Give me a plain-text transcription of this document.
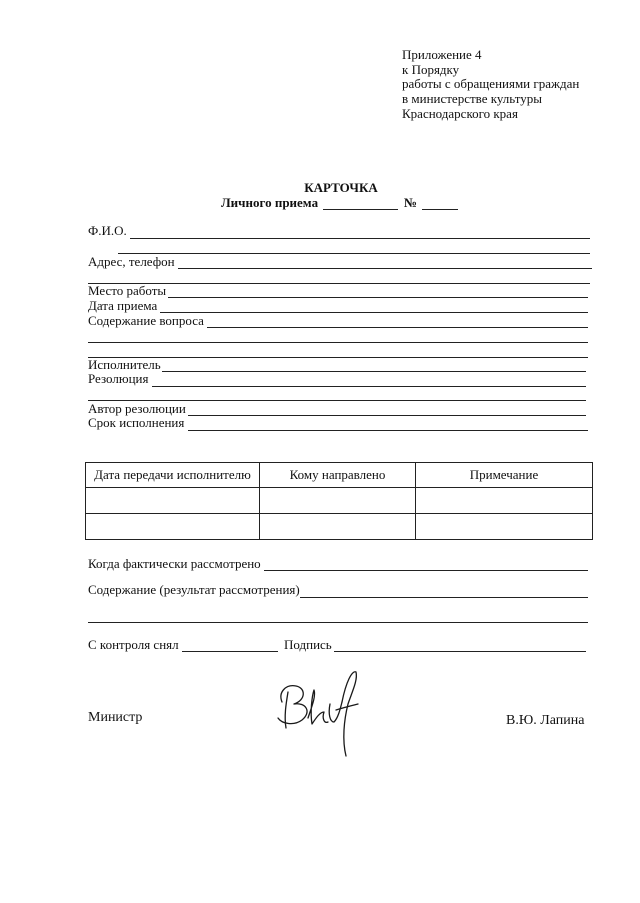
Приложение 4
к Порядку
работы с обращениями граждан
в министерстве культуры
Краснодарского края
КАРТОЧКА
Личного приема	№
Ф.И.О.
Адрес, телефон
Место работы
Дата приема
Содержание вопроса
Исполнитель
Резолюция
Автор резолюции
Срок исполнения
Дата передачи исполнителю	Кому направлено	Примечание

Когда фактически рассмотрено
Содержание (результат рассмотрения)
С контроля снял	Подпись
Министр	В.Ю. Лапина
